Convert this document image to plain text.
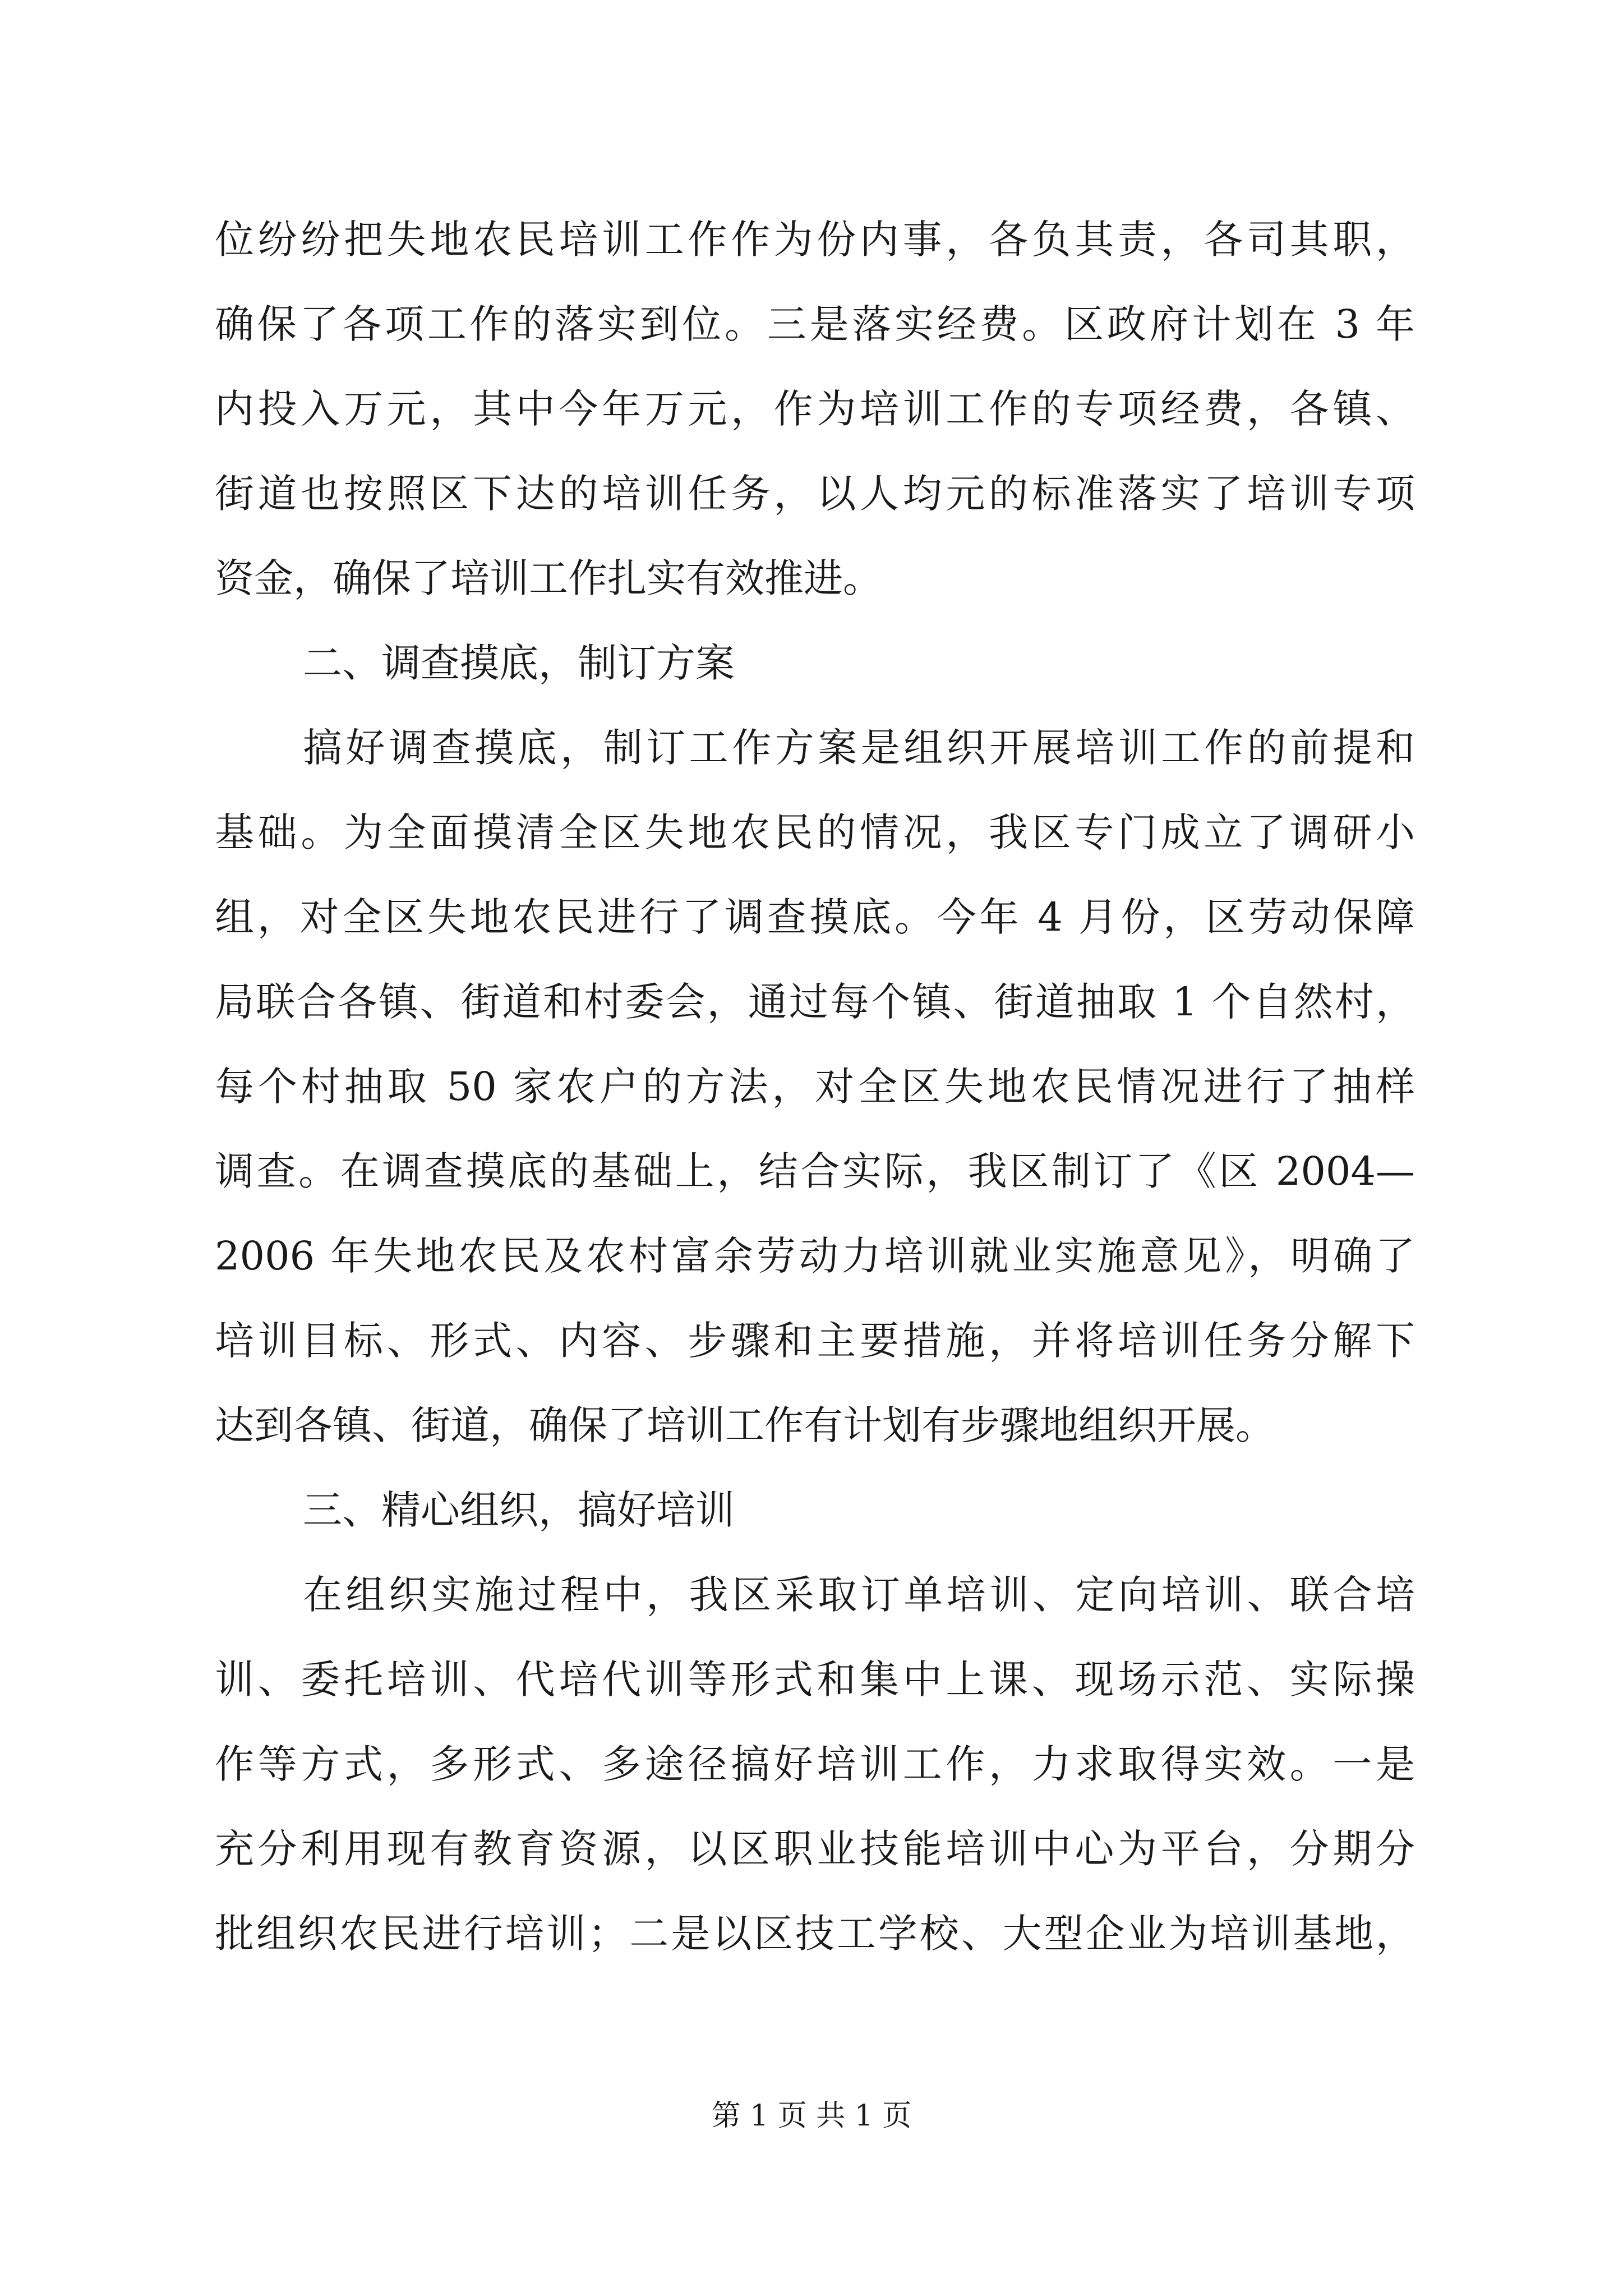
位纷纷把失地农民培训工作作为份内事，各负其责，各司其职，
确保了各项工作的落实到位。三是落实经费。区政府计划在 3 年
内投入万元，其中今年万元，作为培训工作的专项经费，各镇、
街道也按照区下达的培训任务，以人均元的标准落实了培训专项
资金，确保了培训工作扎实有效推进。
二、调查摸底，制订方案
搞好调查摸底，制订工作方案是组织开展培训工作的前提和
基础。为全面摸清全区失地农民的情况，我区专门成立了调研小
组，对全区失地农民进行了调查摸底。今年 4 月份，区劳动保障
局联合各镇、街道和村委会，通过每个镇、街道抽取 1 个自然村，
每个村抽取 50 家农户的方法，对全区失地农民情况进行了抽样
调查。在调查摸底的基础上，结合实际，我区制订了《区 2004—
2006 年失地农民及农村富余劳动力培训就业实施意见》，明确了
培训目标、形式、内容、步骤和主要措施，并将培训任务分解下
达到各镇、街道，确保了培训工作有计划有步骤地组织开展。
三、精心组织，搞好培训
在组织实施过程中，我区采取订单培训、定向培训、联合培
训、委托培训、代培代训等形式和集中上课、现场示范、实际操
作等方式，多形式、多途径搞好培训工作，力求取得实效。一是
充分利用现有教育资源，以区职业技能培训中心为平台，分期分
批组织农民进行培训；二是以区技工学校、大型企业为培训基地，
第 1 页 共 1 页
